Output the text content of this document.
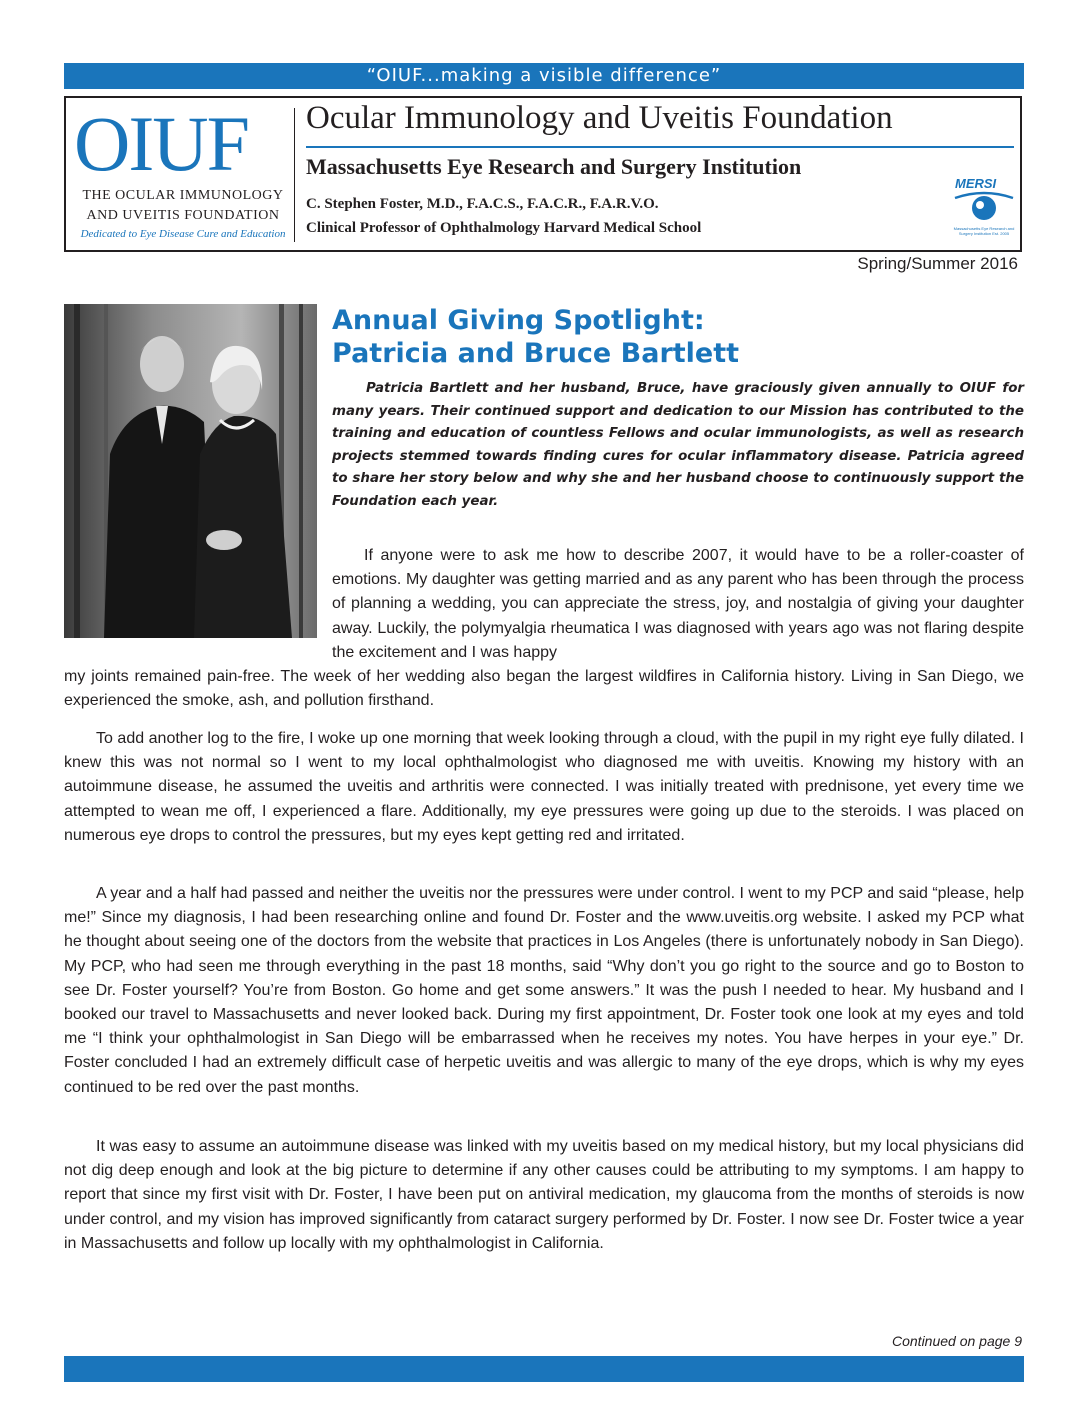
“OIUF...making a visible difference”
OIUF
THE OCULAR IMMUNOLOGY
AND UVEITIS FOUNDATION
Dedicated to Eye Disease Cure and Education
Ocular Immunology and Uveitis Foundation
Massachusetts Eye Research and Surgery Institution
C. Stephen Foster, M.D., F.A.C.S., F.A.C.R., F.A.R.V.O.
Clinical Professor of Ophthalmology Harvard Medical School
MERSI
Massachusetts Eye Research and Surgery Institution Est. 2005
Spring/Summer 2016
Annual Giving Spotlight:
Patricia and Bruce Bartlett

Patricia Bartlett and her husband, Bruce, have graciously given annually to OIUF for many years. Their continued support and dedication to our Mission has contributed to the training and education of countless Fellows and ocular immunologists, as well as research projects stemmed towards finding cures for ocular inflammatory disease. Patricia agreed to share her story below and why she and her husband choose to continuously support the Foundation each year.

If anyone were to ask me how to describe 2007, it would have to be a roller-coaster of emotions. My daughter was getting married and as any parent who has been through the process of planning a wedding, you can appreciate the stress, joy, and nostalgia of giving your daughter away. Luckily, the polymyalgia rheumatica I was diagnosed with years ago was not flaring despite the excitement and I was happy

my joints remained pain-free. The week of her wedding also began the largest wildfires in California history. Living in San Diego, we experienced the smoke, ash, and pollution firsthand.

To add another log to the fire, I woke up one morning that week looking through a cloud, with the pupil in my right eye fully dilated. I knew this was not normal so I went to my local ophthalmologist who diagnosed me with uveitis. Knowing my history with an autoimmune disease, he assumed the uveitis and arthritis were connected. I was initially treated with prednisone, yet every time we attempted to wean me off, I experienced a flare. Additionally, my eye pressures were going up due to the steroids. I was placed on numerous eye drops to control the pressures, but my eyes kept getting red and irritated.

A year and a half had passed and neither the uveitis nor the pressures were under control. I went to my PCP and said “please, help me!” Since my diagnosis, I had been researching online and found Dr. Foster and the www.uveitis.org website. I asked my PCP what he thought about seeing one of the doctors from the website that practices in Los Angeles (there is unfortunately nobody in San Diego). My PCP, who had seen me through everything in the past 18 months, said “Why don’t you go right to the source and go to Boston to see Dr. Foster yourself? You’re from Boston. Go home and get some answers.” It was the push I needed to hear. My husband and I booked our travel to Massachusetts and never looked back. During my first appointment, Dr. Foster took one look at my eyes and told me “I think your ophthalmologist in San Diego will be embarrassed when he receives my notes. You have herpes in your eye.” Dr. Foster concluded I had an extremely difficult case of herpetic uveitis and was allergic to many of the eye drops, which is why my eyes continued to be red over the past months.

It was easy to assume an autoimmune disease was linked with my uveitis based on my medical history, but my local physicians did not dig deep enough and look at the big picture to determine if any other causes could be attributing to my symptoms. I am happy to report that since my first visit with Dr. Foster, I have been put on antiviral medication, my glaucoma from the months of steroids is now under control, and my vision has improved significantly from cataract surgery performed by Dr. Foster. I now see Dr. Foster twice a year in Massachusetts and follow up locally with my ophthalmologist in California.

Continued on page 9
